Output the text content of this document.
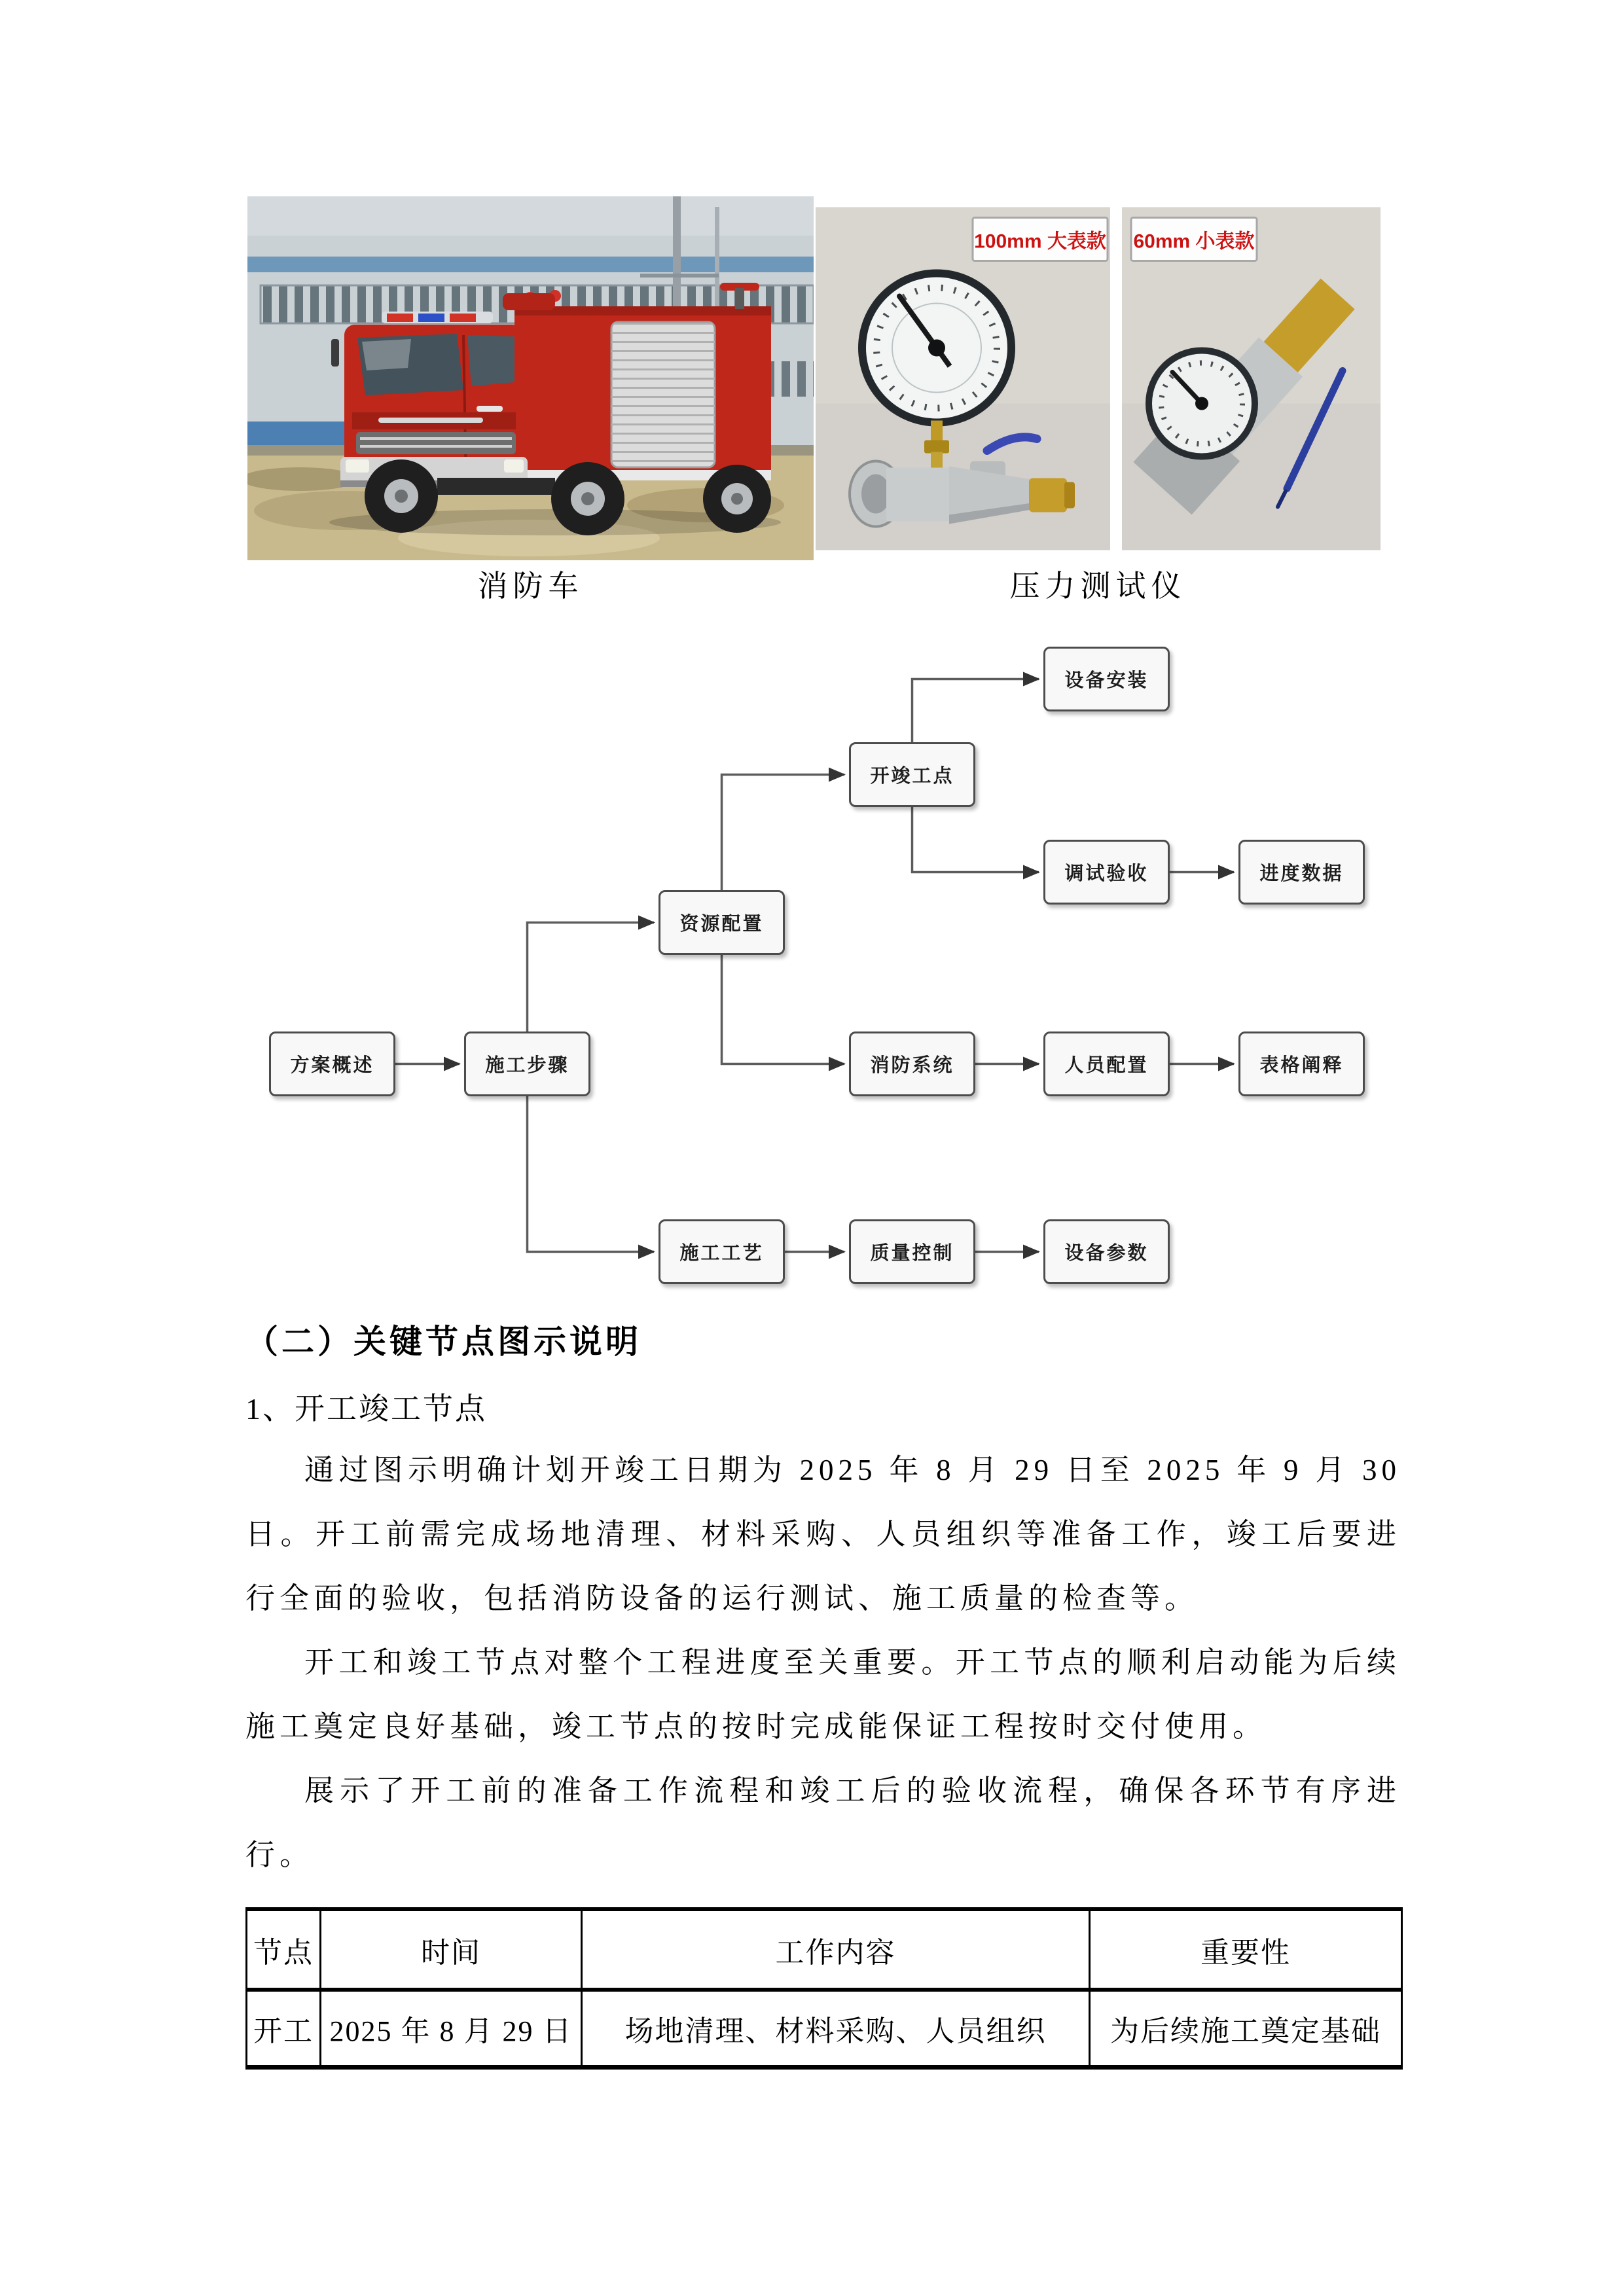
100mm 大表款 60mm 小表款
消防车	压力测试仪
方案概述	施工步骤
资源配置
开竣工点
设备安装
调试验收	进度数据
消防系统	人员配置	表格阐释
施工工艺	质量控制	设备参数
（二）关键节点图示说明
1、开工竣工节点

通过图示明确计划开竣工日期为 2025 年 8 月 29 日至 2025 年 9 月 30 日。开工前需完成场地清理、材料采购、人员组织等准备工作，竣工后要进行全面的验收，包括消防设备的运行测试、施工质量的检查等。

开工和竣工节点对整个工程进度至关重要。开工节点的顺利启动能为后续施工奠定良好基础，竣工节点的按时完成能保证工程按时交付使用。

展示了开工前的准备工作流程和竣工后的验收流程，确保各环节有序进行。

节点	时间	工作内容	重要性
开工	2025 年 8 月 29 日	场地清理、材料采购、人员组织	为后续施工奠定基础
